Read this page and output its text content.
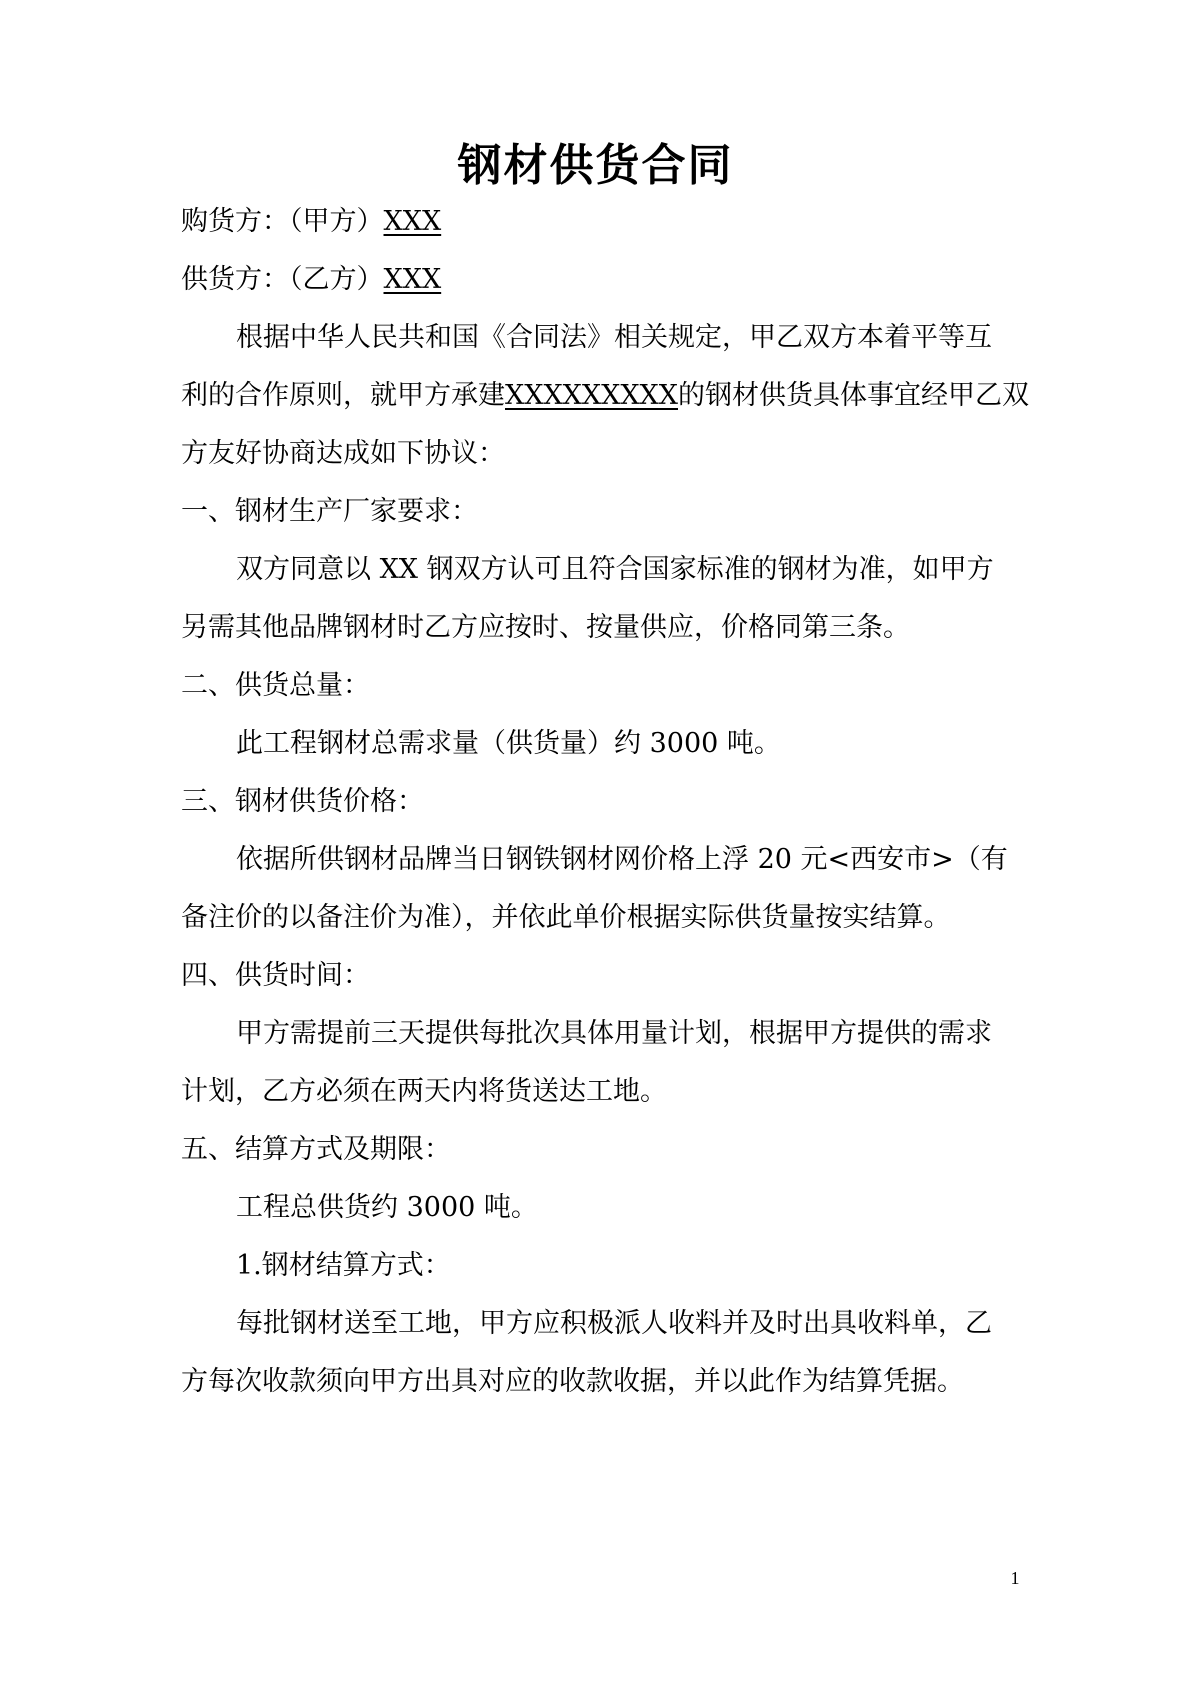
钢材供货合同
购货方：（甲方）XXX
供货方：（乙方）XXX
根据中华人民共和国《合同法》相关规定，甲乙双方本着平等互
利的合作原则，就甲方承建XXXXXXXXX的钢材供货具体事宜经甲乙双
方友好协商达成如下协议：
一、钢材生产厂家要求：
双方同意以 XX 钢双方认可且符合国家标准的钢材为准，如甲方
另需其他品牌钢材时乙方应按时、按量供应，价格同第三条。
二、供货总量：
此工程钢材总需求量（供货量）约 3000 吨。
三、钢材供货价格：
依据所供钢材品牌当日钢铁钢材网价格上浮 20 元<西安市>（有
备注价的以备注价为准），并依此单价根据实际供货量按实结算。
四、供货时间：
甲方需提前三天提供每批次具体用量计划，根据甲方提供的需求
计划，乙方必须在两天内将货送达工地。
五、结算方式及期限：
工程总供货约 3000 吨。
1.钢材结算方式：
每批钢材送至工地，甲方应积极派人收料并及时出具收料单，乙
方每次收款须向甲方出具对应的收款收据，并以此作为结算凭据。
1
